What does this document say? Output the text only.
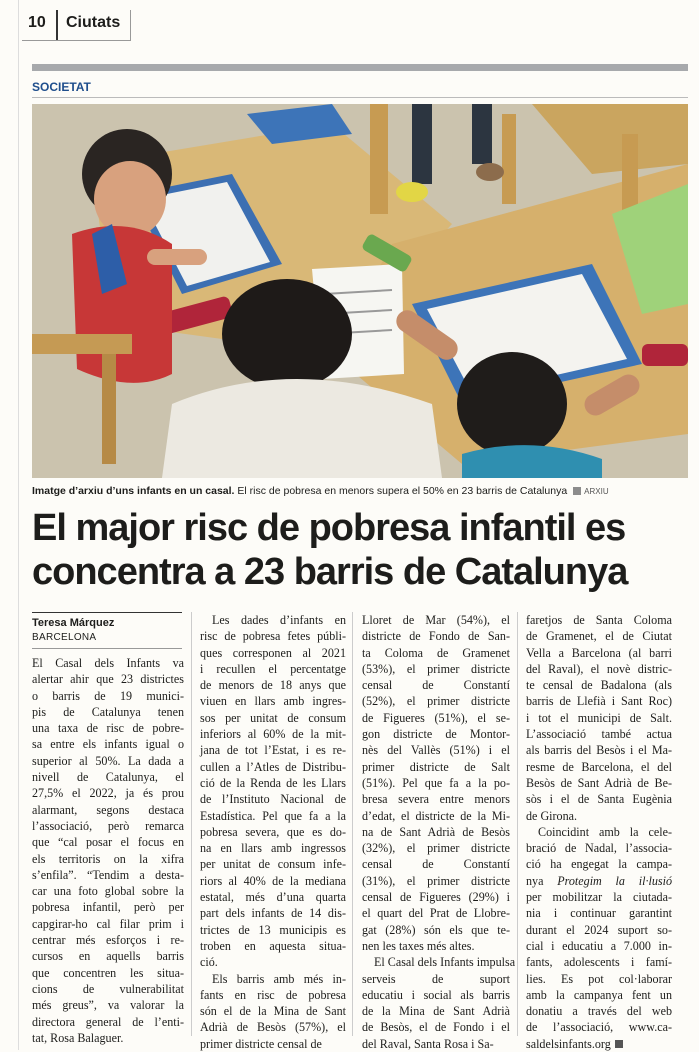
10 Ciutats
SOCIETAT
Imatge d’arxiu d’uns infants en un casal. El risc de pobresa en menors supera el 50% en 23 barris de Catalunya ARXIU
El major risc de pobresa infantil es
concentra a 23 barris de Catalunya
Teresa Márquez
BARCELONA
El Casal dels Infants va
alertar ahir que 23 districtes
o barris de 19 munici-
pis de Catalunya tenen
una taxa de risc de pobre-
sa entre els infants igual o
superior al 50%. La dada a
nivell de Catalunya, el
27,5% el 2022, ja és prou
alarmant, segons destaca
l’associació, però remarca
que “cal posar el focus en
els territoris on la xifra
s’enfila”. “Tendim a desta-
car una foto global sobre la
pobresa infantil, però per
capgirar-ho cal filar prim i
centrar més esforços i re-
cursos en aquells barris
que concentren les situa-
cions de vulnerabilitat
més greus”, va valorar la
directora general de l’enti-
tat, Rosa Balaguer.
Les dades d’infants en
risc de pobresa fetes públi-
ques corresponen al 2021
i recullen el percentatge
de menors de 18 anys que
viuen en llars amb ingres-
sos per unitat de consum
inferiors al 60% de la mit-
jana de tot l’Estat, i es re-
cullen a l’Atles de Distribu-
ció de la Renda de les Llars
de l’Instituto Nacional de
Estadística. Pel que fa a la
pobresa severa, que es do-
na en llars amb ingressos
per unitat de consum infe-
riors al 40% de la mediana
estatal, més d’una quarta
part dels infants de 14 dis-
trictes de 13 municipis es
troben en aquesta situa-
ció.
Els barris amb més in-
fants en risc de pobresa
són el de la Mina de Sant
Adrià de Besòs (57%), el
primer districte censal de
Lloret de Mar (54%), el
districte de Fondo de San-
ta Coloma de Gramenet
(53%), el primer districte
censal de Constantí
(52%), el primer districte
de Figueres (51%), el se-
gon districte de Montor-
nès del Vallès (51%) i el
primer districte de Salt
(51%). Pel que fa a la po-
bresa severa entre menors
d’edat, el districte de la Mi-
na de Sant Adrià de Besòs
(32%), el primer districte
censal de Constantí
(31%), el primer districte
censal de Figueres (29%) i
el quart del Prat de Llobre-
gat (28%) són els que te-
nen les taxes més altes.
El Casal dels Infants impulsa
serveis de suport
educatiu i social als barris
de la Mina de Sant Adrià
de Besòs, el de Fondo i el
del Raval, Santa Rosa i Sa-
faretjos de Santa Coloma
de Gramenet, el de Ciutat
Vella a Barcelona (al barri
del Raval), el novè distric-
te censal de Badalona (als
barris de Llefià i Sant Roc)
i tot el municipi de Salt.
L’associació també actua
als barris del Besòs i el Ma-
resme de Barcelona, el del
Besòs de Sant Adrià de Be-
sòs i el de Santa Eugènia
de Girona.
Coincidint amb la cele-
bració de Nadal, l’associa-
ció ha engegat la campa-
nya Protegim la il·lusió
per mobilitzar la ciutada-
nia i continuar garantint
durant el 2024 suport so-
cial i educatiu a 7.000 in-
fants, adolescents i famí-
lies. Es pot col·laborar
amb la campanya fent un
donatiu a través del web
de l’associació, www.ca-
saldelsinfants.org
